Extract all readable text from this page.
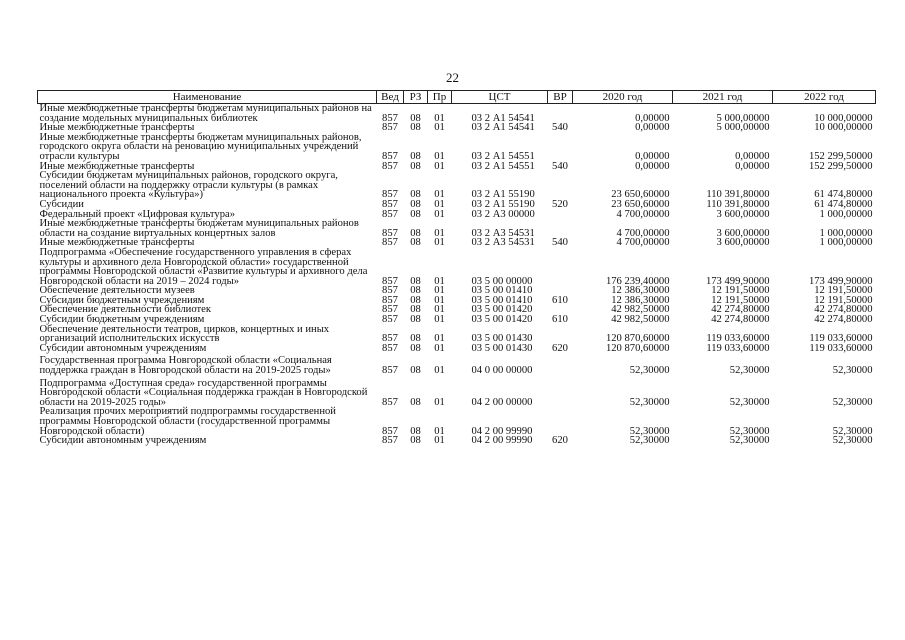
22
Наименование	Вед	РЗ	Пр	ЦСТ	ВР	2020 год	2021 год	2022 год
Иные межбюджетные трансферты бюджетам муниципальных районов на создание модельных муниципальных библиотек	857	08	01	03 2 А1 54541		0,00000	5 000,00000	10 000,00000
Иные межбюджетные трансферты	857	08	01	03 2 А1 54541	540	0,00000	5 000,00000	10 000,00000
Иные межбюджетные трансферты бюджетам муниципальных районов, городского округа области на реновацию муниципальных учреждений отрасли культуры	857	08	01	03 2 А1 54551		0,00000	0,00000	152 299,50000
Иные межбюджетные трансферты	857	08	01	03 2 А1 54551	540	0,00000	0,00000	152 299,50000
Субсидии бюджетам муниципальных районов, городского округа, поселений области на поддержку отрасли культуры (в рамках национального проекта «Культура»)	857	08	01	03 2 А1 55190		23 650,60000	110 391,80000	61 474,80000
Субсидии	857	08	01	03 2 А1 55190	520	23 650,60000	110 391,80000	61 474,80000
Федеральный проект «Цифровая культура»	857	08	01	03 2 А3 00000		4 700,00000	3 600,00000	1 000,00000
Иные межбюджетные трансферты бюджетам муниципальных районов области на создание виртуальных концертных залов	857	08	01	03 2 А3 54531		4 700,00000	3 600,00000	1 000,00000
Иные межбюджетные трансферты	857	08	01	03 2 А3 54531	540	4 700,00000	3 600,00000	1 000,00000
Подпрограмма «Обеспечение государственного управления в сферах культуры и архивного дела Новгородской области» государственной программы Новгородской области «Развитие культуры и архивного дела Новгородской области на 2019 – 2024 годы»	857	08	01	03 5 00 00000		176 239,40000	173 499,90000	173 499,90000
Обеспечение деятельности музеев	857	08	01	03 5 00 01410		12 386,30000	12 191,50000	12 191,50000
Субсидии бюджетным учреждениям	857	08	01	03 5 00 01410	610	12 386,30000	12 191,50000	12 191,50000
Обеспечение деятельности библиотек	857	08	01	03 5 00 01420		42 982,50000	42 274,80000	42 274,80000
Субсидии бюджетным учреждениям	857	08	01	03 5 00 01420	610	42 982,50000	42 274,80000	42 274,80000
Обеспечение деятельности театров, цирков, концертных и иных организаций исполнительских искусств	857	08	01	03 5 00 01430		120 870,60000	119 033,60000	119 033,60000
Субсидии автономным учреждениям	857	08	01	03 5 00 01430	620	120 870,60000	119 033,60000	119 033,60000

Государственная программа Новгородской области «Социальная поддержка граждан в Новгородской области на 2019-2025 годы»	857	08	01	04 0 00 00000		52,30000	52,30000	52,30000

Подпрограмма «Доступная среда» государственной программы Новгородской области «Социальная поддержка граждан в Новгородской области на 2019-2025 годы»	857	08	01	04 2 00 00000		52,30000	52,30000	52,30000
Реализация прочих мероприятий подпрограммы государственной программы Новгородской области (государственной программы Новгородской области)	857	08	01	04 2 00 99990		52,30000	52,30000	52,30000
Субсидии автономным учреждениям	857	08	01	04 2 00 99990	620	52,30000	52,30000	52,30000
